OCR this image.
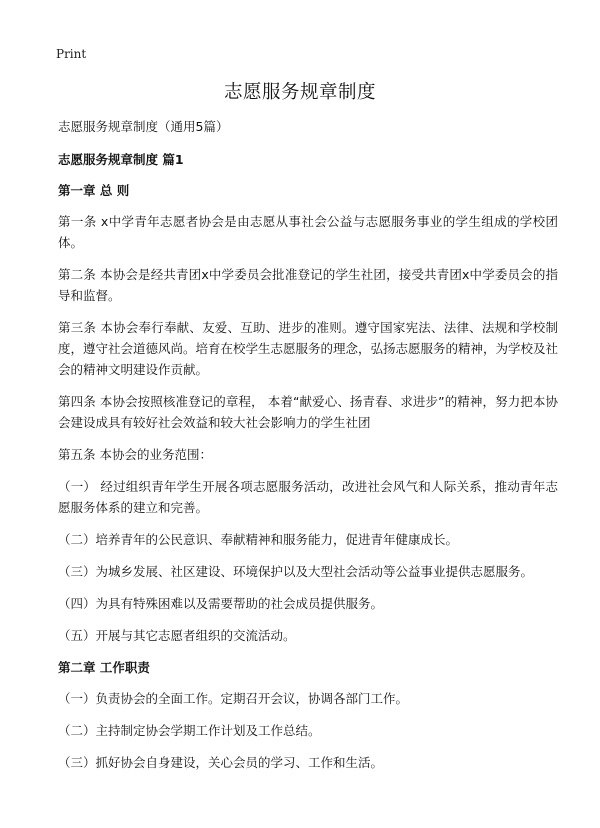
Print
志愿服务规章制度

志愿服务规章制度（通用5篇）

志愿服务规章制度 篇1

第一章 总 则

第一条 x中学青年志愿者协会是由志愿从事社会公益与志愿服务事业的学生组成的学校团体。

第二条 本协会是经共青团x中学委员会批准登记的学生社团，接受共青团x中学委员会的指导和监督。

第三条 本协会奉行奉献、友爱、互助、进步的准则。遵守国家宪法、法律、法规和学校制度，遵守社会道德风尚。培育在校学生志愿服务的理念，弘扬志愿服务的精神，为学校及社会的精神文明建设作贡献。

第四条 本协会按照核准登记的章程， 本着“献爱心、扬青春、求进步”的精神，努力把本协会建设成具有较好社会效益和较大社会影响力的学生社团

第五条 本协会的业务范围：

（一） 经过组织青年学生开展各项志愿服务活动，改进社会风气和人际关系，推动青年志愿服务体系的建立和完善。

（二）培养青年的公民意识、奉献精神和服务能力，促进青年健康成长。

（三）为城乡发展、社区建设、环境保护以及大型社会活动等公益事业提供志愿服务。

（四）为具有特殊困难以及需要帮助的社会成员提供服务。

（五）开展与其它志愿者组织的交流活动。

第二章 工作职责

（一）负责协会的全面工作。定期召开会议，协调各部门工作。

（二）主持制定协会学期工作计划及工作总结。

（三）抓好协会自身建设，关心会员的学习、工作和生活。
